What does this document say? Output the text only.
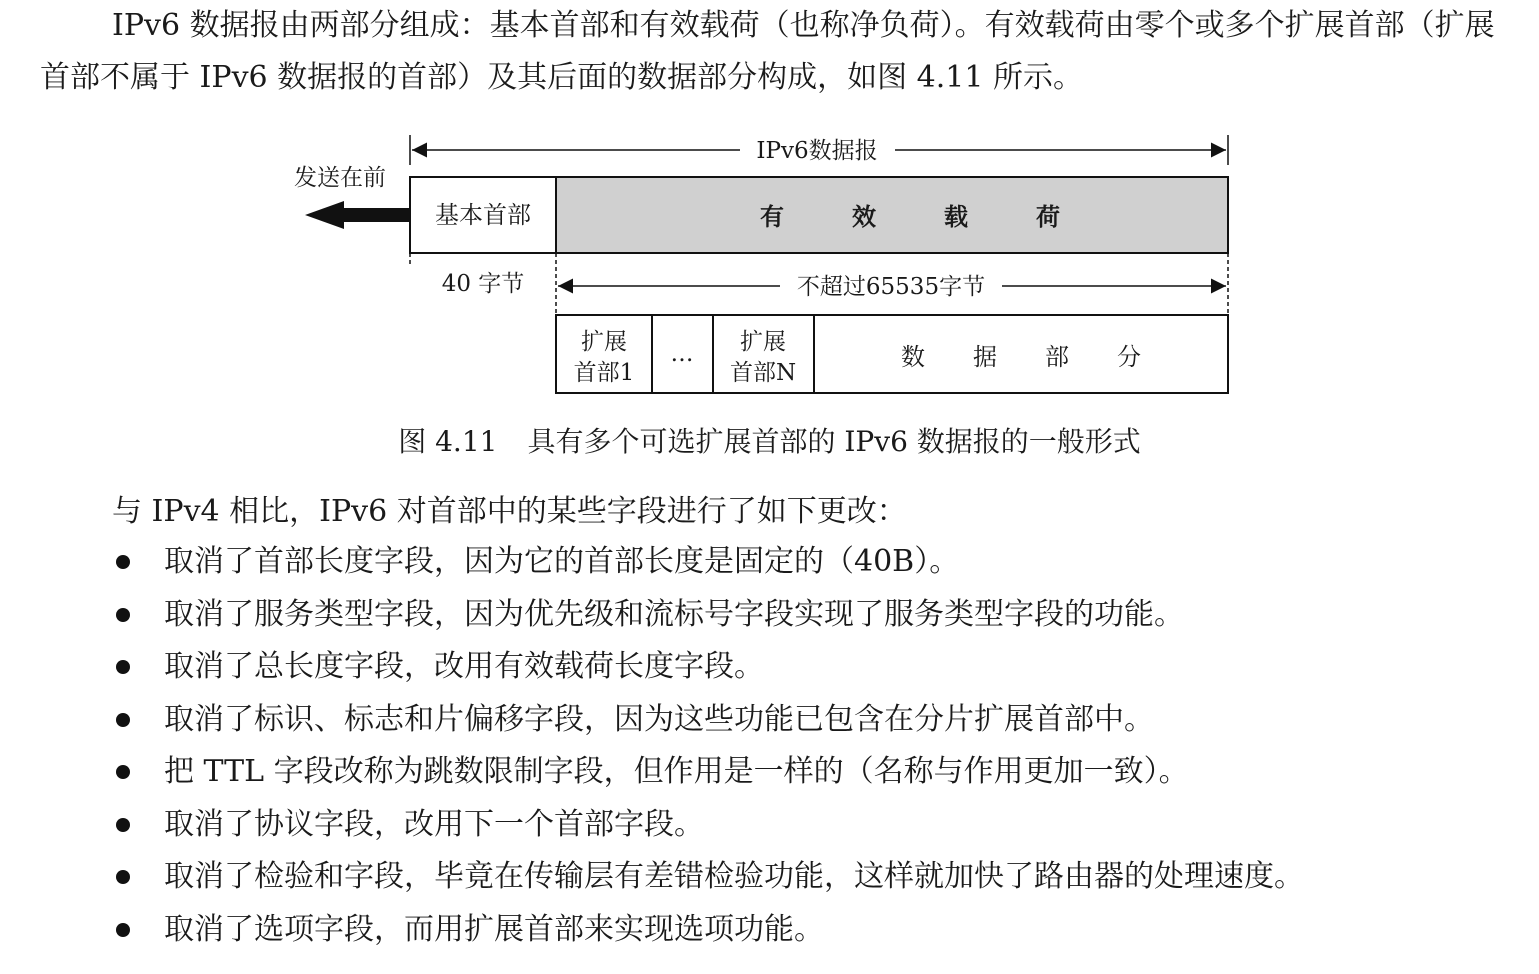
IPv6 数据报由两部分组成：基本首部和有效载荷（也称净负荷）。有效载荷由零个或多个扩展首部（扩展首部不属于 IPv6 数据报的首部）及其后面的数据部分构成，如图 4.11 所示。

IPv6数据报
发送在前
基本首部	有	效	载	荷
40 字节	不超过65535字节
扩展
首部1
… 扩展
首部N
数 据 部 分

图 4.11 具有多个可选扩展首部的 IPv6 数据报的一般形式

与 IPv4 相比，IPv6 对首部中的某些字段进行了如下更改：

取消了首部长度字段，因为它的首部长度是固定的（40B）。
取消了服务类型字段，因为优先级和流标号字段实现了服务类型字段的功能。
取消了总长度字段，改用有效载荷长度字段。
取消了标识、标志和片偏移字段，因为这些功能已包含在分片扩展首部中。
把 TTL 字段改称为跳数限制字段，但作用是一样的（名称与作用更加一致）。
取消了协议字段，改用下一个首部字段。
取消了检验和字段，毕竟在传输层有差错检验功能，这样就加快了路由器的处理速度。
取消了选项字段，而用扩展首部来实现选项功能。
